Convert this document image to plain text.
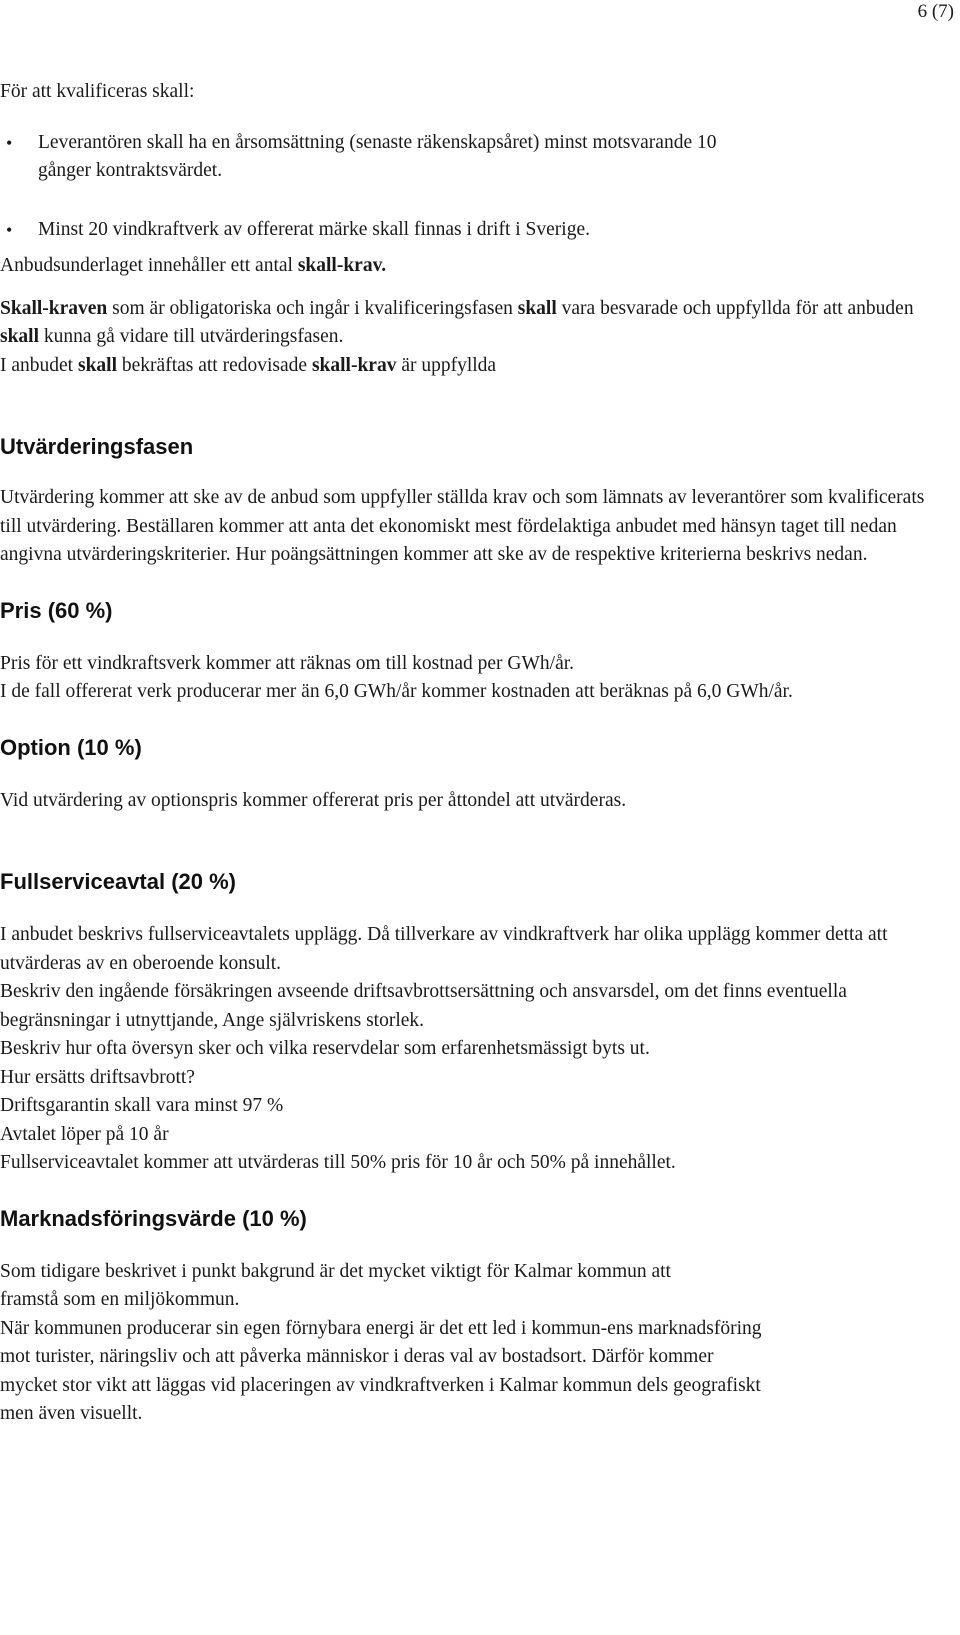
6 (7)

För att kvalificeras skall:

• Leverantören skall ha en årsomsättning (senaste räkenskapsåret) minst motsvarande 10 gånger kontraktsvärdet.
• Minst 20 vindkraftverk av offererat märke skall finnas i drift i Sverige.

Anbudsunderlaget innehåller ett antal skall-krav.

Skall-kraven som är obligatoriska och ingår i kvalificeringsfasen skall vara besvarade och uppfyllda för att anbuden skall kunna gå vidare till utvärderingsfasen.

I anbudet skall bekräftas att redovisade skall-krav är uppfyllda

Utvärderingsfasen

Utvärdering kommer att ske av de anbud som uppfyller ställda krav och som lämnats av leverantörer som kvalificerats till utvärdering. Beställaren kommer att anta det ekonomiskt mest fördelaktiga anbudet med hänsyn taget till nedan angivna utvärderingskriterier. Hur poängsättningen kommer att ske av de respektive kriterierna beskrivs nedan.

Pris (60 %)

Pris för ett vindkraftsverk kommer att räknas om till kostnad per GWh/år.

I de fall offererat verk producerar mer än 6,0 GWh/år kommer kostnaden att beräknas på 6,0 GWh/år.

Option (10 %)

Vid utvärdering av optionspris kommer offererat pris per åttondel att utvärderas.

Fullserviceavtal (20 %)

I anbudet beskrivs fullserviceavtalets upplägg. Då tillverkare av vindkraftverk har olika upplägg kommer detta att utvärderas av en oberoende konsult.

Beskriv den ingående försäkringen avseende driftsavbrottsersättning och ansvarsdel, om det finns eventuella begränsningar i utnyttjande, Ange självriskens storlek.

Beskriv hur ofta översyn sker och vilka reservdelar som erfarenhetsmässigt byts ut.

Hur ersätts driftsavbrott?

Driftsgarantin skall vara minst 97 %

Avtalet löper på 10 år

Fullserviceavtalet kommer att utvärderas till 50% pris för 10 år och 50% på innehållet.

Marknadsföringsvärde (10 %)

Som tidigare beskrivet i punkt bakgrund är det mycket viktigt för Kalmar kommun att framstå som en miljökommun.

När kommunen producerar sin egen förnybara energi är det ett led i kommun-ens marknadsföring mot turister, näringsliv och att påverka människor i deras val av bostadsort. Därför kommer mycket stor vikt att läggas vid placeringen av vindkraftverken i Kalmar kommun dels geografiskt men även visuellt.
